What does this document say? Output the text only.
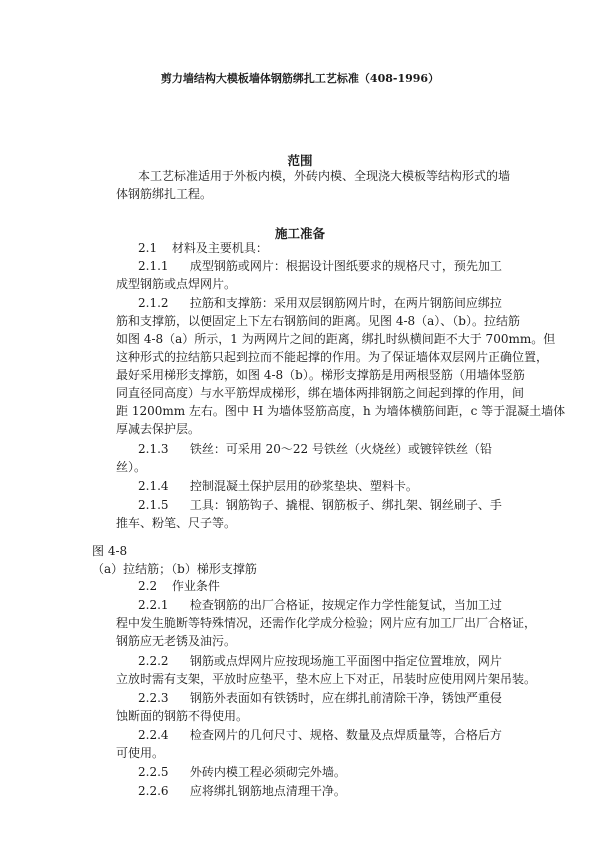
剪力墙结构大模板墙体钢筋绑扎工艺标准（408-1996）
范围
本工艺标准适用于外板内模，外砖内模、全现浇大模板等结构形式的墙
体钢筋绑扎工程。
施工准备
2.1 材料及主要机具：
2.1.1 成型钢筋或网片：根据设计图纸要求的规格尺寸，预先加工
成型钢筋或点焊网片。
2.1.2 拉筋和支撑筋：采用双层钢筋网片时，在两片钢筋间应绑拉
筋和支撑筋，以便固定上下左右钢筋间的距离。见图 4-8（a）、（b）。拉结筋
如图 4-8（a）所示，1 为两网片之间的距离，绑扎时纵横间距不大于 700mm。但
这种形式的拉结筋只起到拉而不能起撑的作用。为了保证墙体双层网片正确位置，
最好采用梯形支撑筋，如图 4-8（b）。梯形支撑筋是用两根竖筋（用墙体竖筋
同直径同高度）与水平筋焊成梯形，绑在墙体两排钢筋之间起到撑的作用，间
距 1200mm 左右。图中 H 为墙体竖筋高度，h 为墙体横筋间距，c 等于混凝土墙体
厚减去保护层。
2.1.3 铁丝：可采用 20～22 号铁丝（火烧丝）或镀锌铁丝（铅
丝）。
2.1.4 控制混凝土保护层用的砂浆垫块、塑料卡。
2.1.5 工具：钢筋钩子、撬棍、钢筋板子、绑扎架、钢丝刷子、手
推车、粉笔、尺子等。
图 4-8
（a）拉结筋；（b）梯形支撑筋
2.2 作业条件
2.2.1 检查钢筋的出厂合格证，按规定作力学性能复试，当加工过
程中发生脆断等特殊情况，还需作化学成分检验；网片应有加工厂出厂合格证，
钢筋应无老锈及油污。
2.2.2 钢筋或点焊网片应按现场施工平面图中指定位置堆放，网片
立放时需有支架，平放时应垫平，垫木应上下对正，吊装时应使用网片架吊装。
2.2.3 钢筋外表面如有铁锈时，应在绑扎前清除干净，锈蚀严重侵
蚀断面的钢筋不得使用。
2.2.4 检查网片的几何尺寸、规格、数量及点焊质量等，合格后方
可使用。
2.2.5 外砖内模工程必须砌完外墙。
2.2.6 应将绑扎钢筋地点清理干净。
